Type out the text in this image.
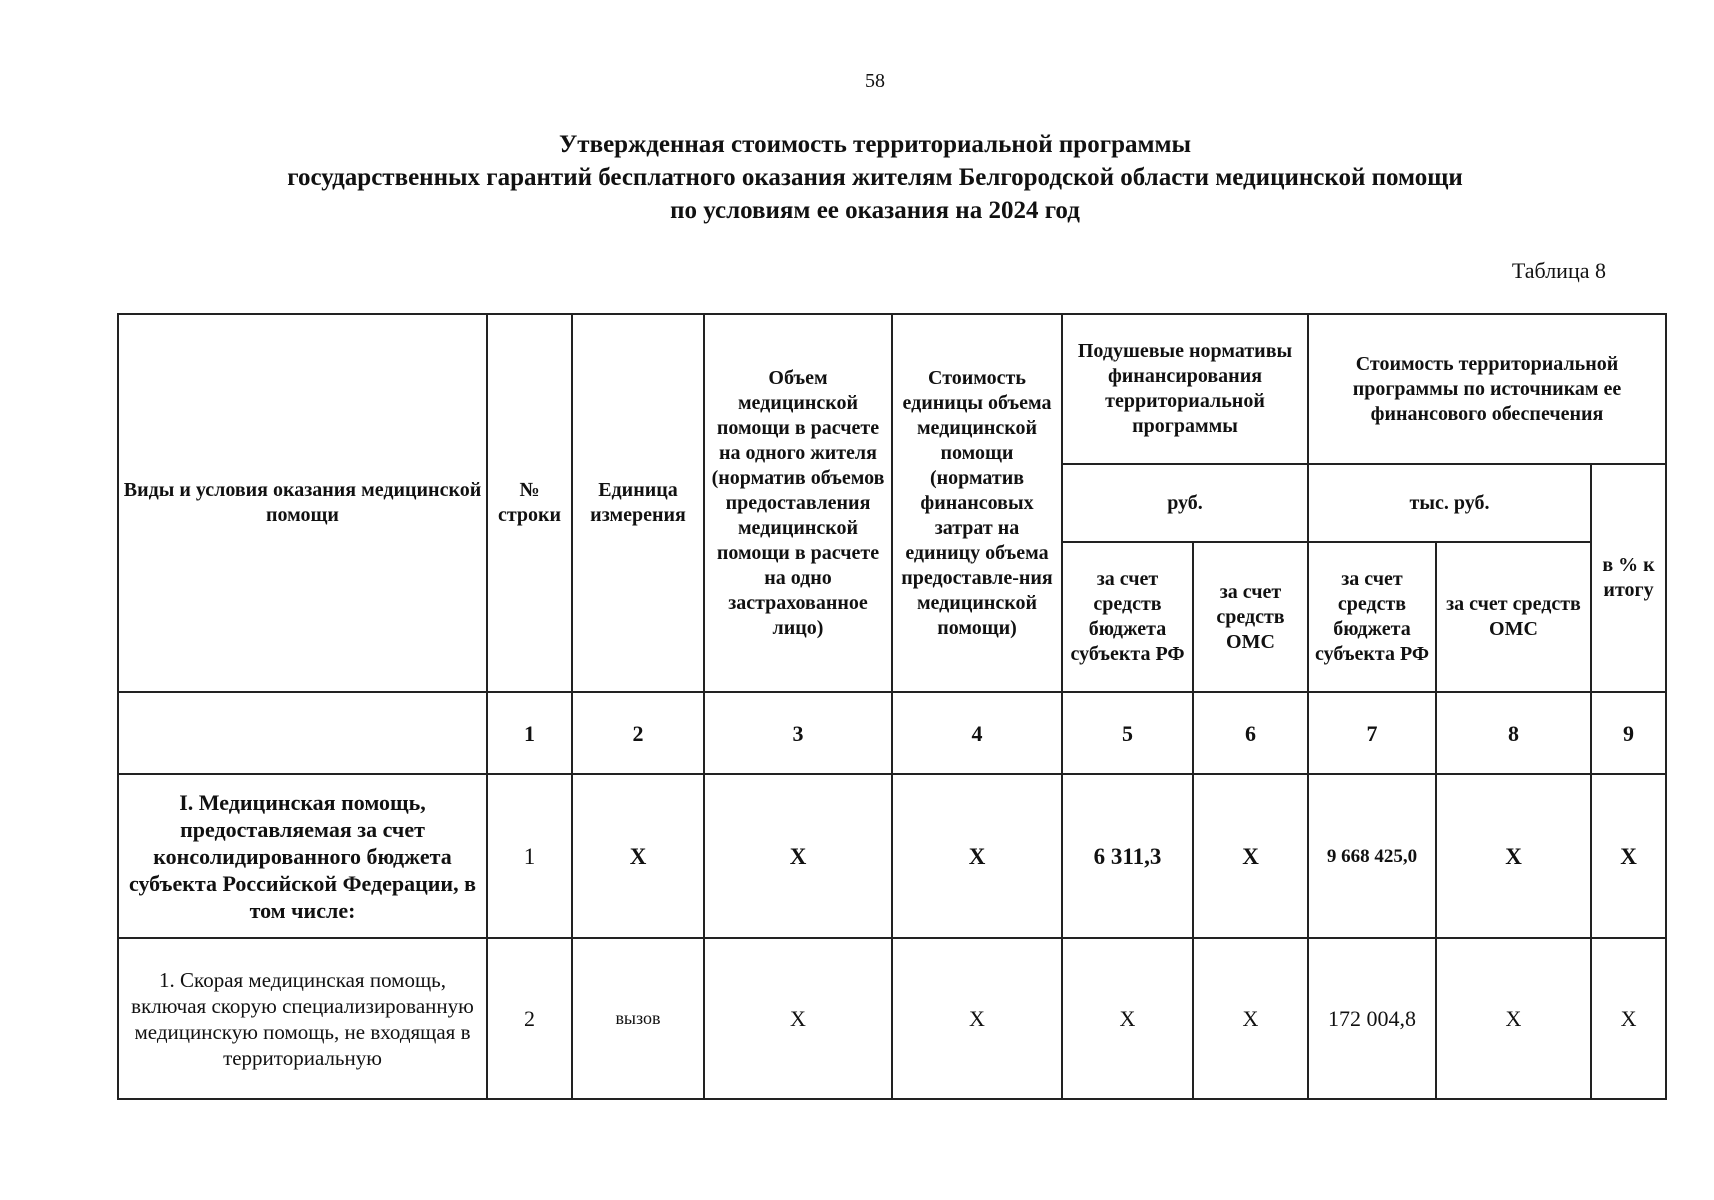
58
Утвержденная стоимость территориальной программы
государственных гарантий бесплатного оказания жителям Белгородской области медицинской помощи
по условиям ее оказания на 2024 год
Таблица 8
Виды и условия оказания медицинской помощи	№ строки	Единица измерения	Объем медицинской помощи в расчете на одного жителя (норматив объемов предоставления медицинской помощи в расчете на одно застрахованное лицо)	Стоимость единицы объема медицинской помощи (норматив финансовых затрат на единицу объема предоставле-ния медицинской помощи)	Подушевые нормативы финансирования территориальной программы		Стоимость территориальной программы по источникам ее финансового обеспечения		
					руб.		тыс. руб.		в % к итогу
					за счет средств бюджета субъекта РФ	за счет средств ОМС	за счет средств бюджета субъекта РФ	за счет средств ОМС	
	1	2	3	4	5	6	7	8	9
I. Медицинская помощь, предоставляемая за счет консолидированного бюджета субъекта Российской Федерации, в том числе:	1	X	X	X	6 311,3	X	9 668 425,0	X	X
1. Скорая медицинская помощь, включая скорую специализированную медицинскую помощь, не входящая в территориальную	2	вызов	X	X	X	X	172 004,8	X	X
